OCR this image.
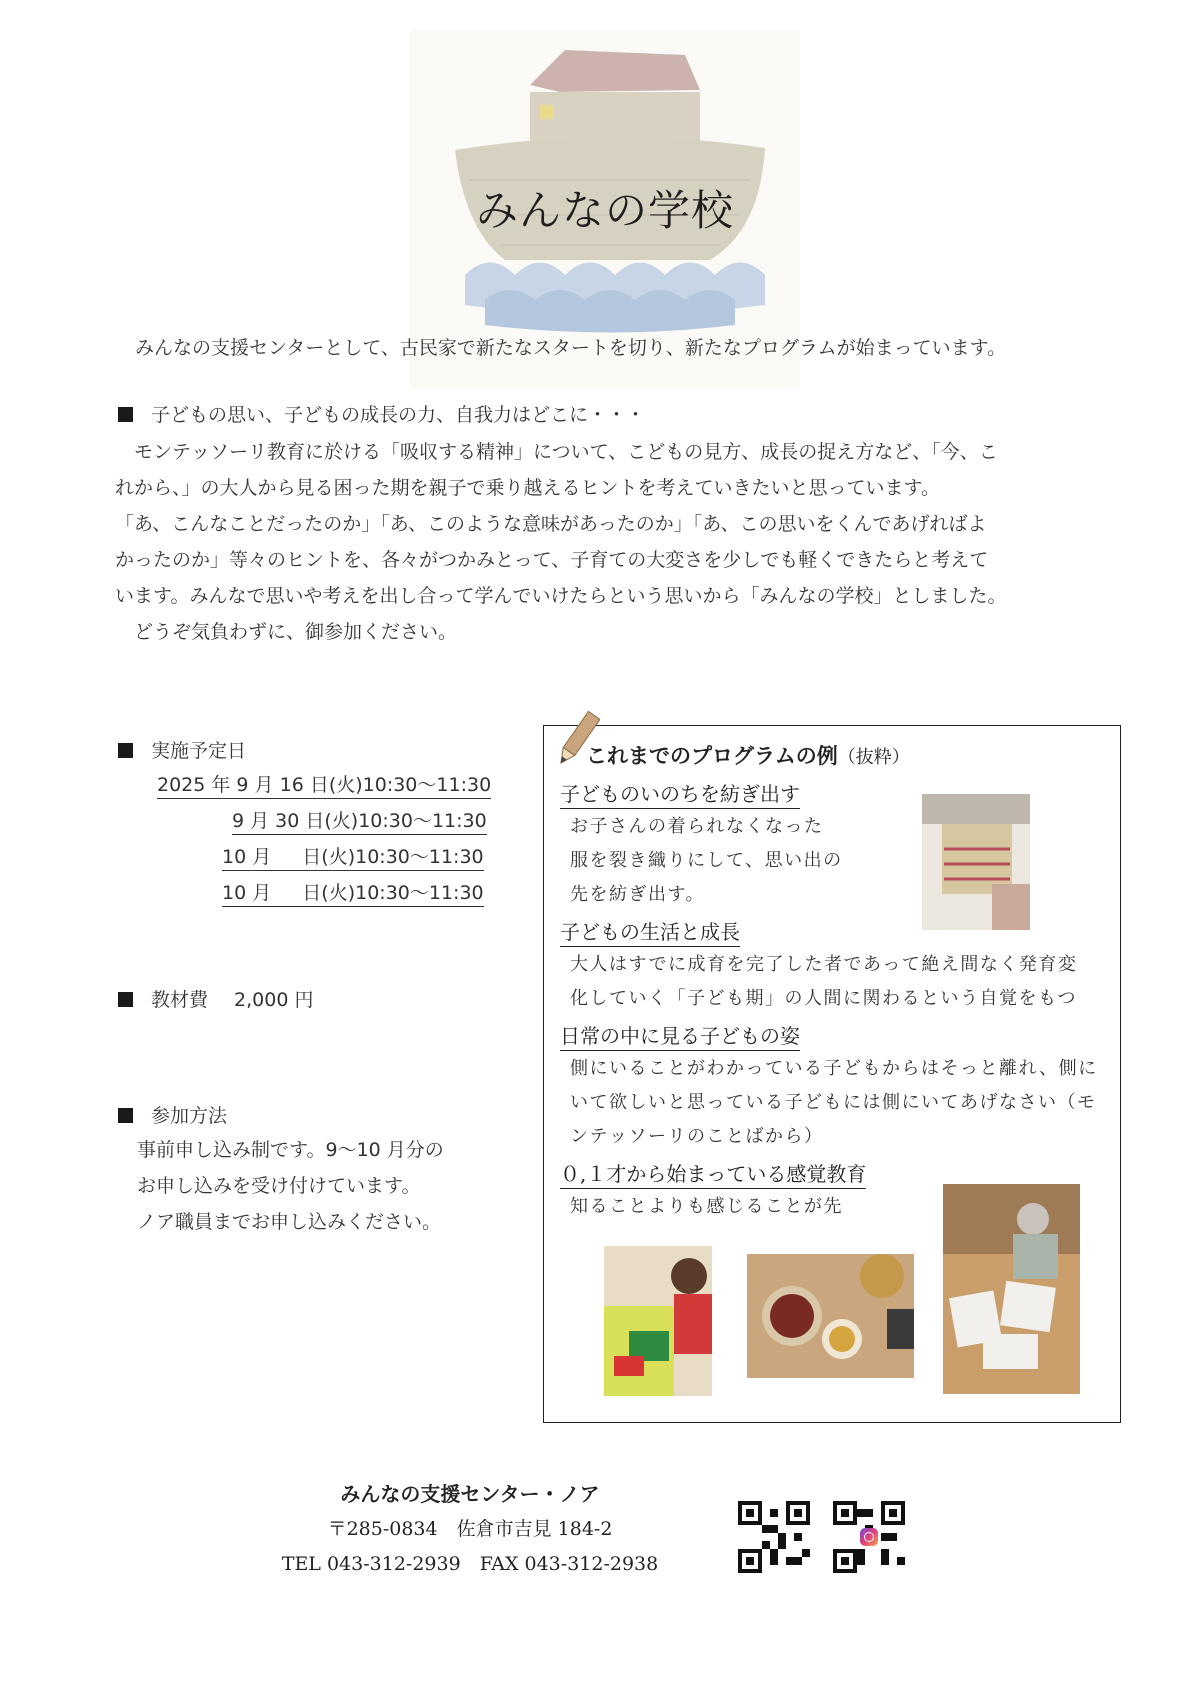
みんなの学校
みんなの支援センターとして、古民家で新たなスタートを切り、新たなプログラムが始まっています。
子どもの思い、子どもの成長の力、自我力はどこに・・・
　モンテッソーリ教育に於ける「吸収する精神」について、こどもの見方、成長の捉え方など、「今、こ
れから、」の大人から見る困った期を親子で乗り越えるヒントを考えていきたいと思っています。
「あ、こんなことだったのか」「あ、このような意味があったのか」「あ、この思いをくんであげればよ
かったのか」等々のヒントを、各々がつかみとって、子育ての大変さを少しでも軽くできたらと考えて
います。みんなで思いや考えを出し合って学んでいけたらという思いから「みんなの学校」としました。
　どうぞ気負わずに、御参加ください。
実施予定日
2025 年 9 月 16 日(火)10:30～11:30
9 月 30 日(火)10:30～11:30
10 月 　 日(火)10:30～11:30
10 月 　 日(火)10:30～11:30
教材費 2,000 円
参加方法
事前申し込み制です。9～10 月分の
お申し込みを受け付けています。
ノア職員までお申し込みください。
これまでのプログラムの例（抜粋）
子どものいのちを紡ぎ出す
お子さんの着られなくなった
服を裂き織りにして、思い出の
先を紡ぎ出す。
子どもの生活と成長
大人はすでに成育を完了した者であって絶え間なく発育変
化していく「子ども期」の人間に関わるという自覚をもつ
日常の中に見る子どもの姿
側にいることがわかっている子どもからはそっと離れ、側に
いて欲しいと思っている子どもには側にいてあげなさい（モ
ンテッソーリのことばから）
０,１才から始まっている感覚教育
知ることよりも感じることが先
みんなの支援センター・ノア
〒285-0834　佐倉市吉見 184-2
TEL 043-312-2939　FAX 043-312-2938
